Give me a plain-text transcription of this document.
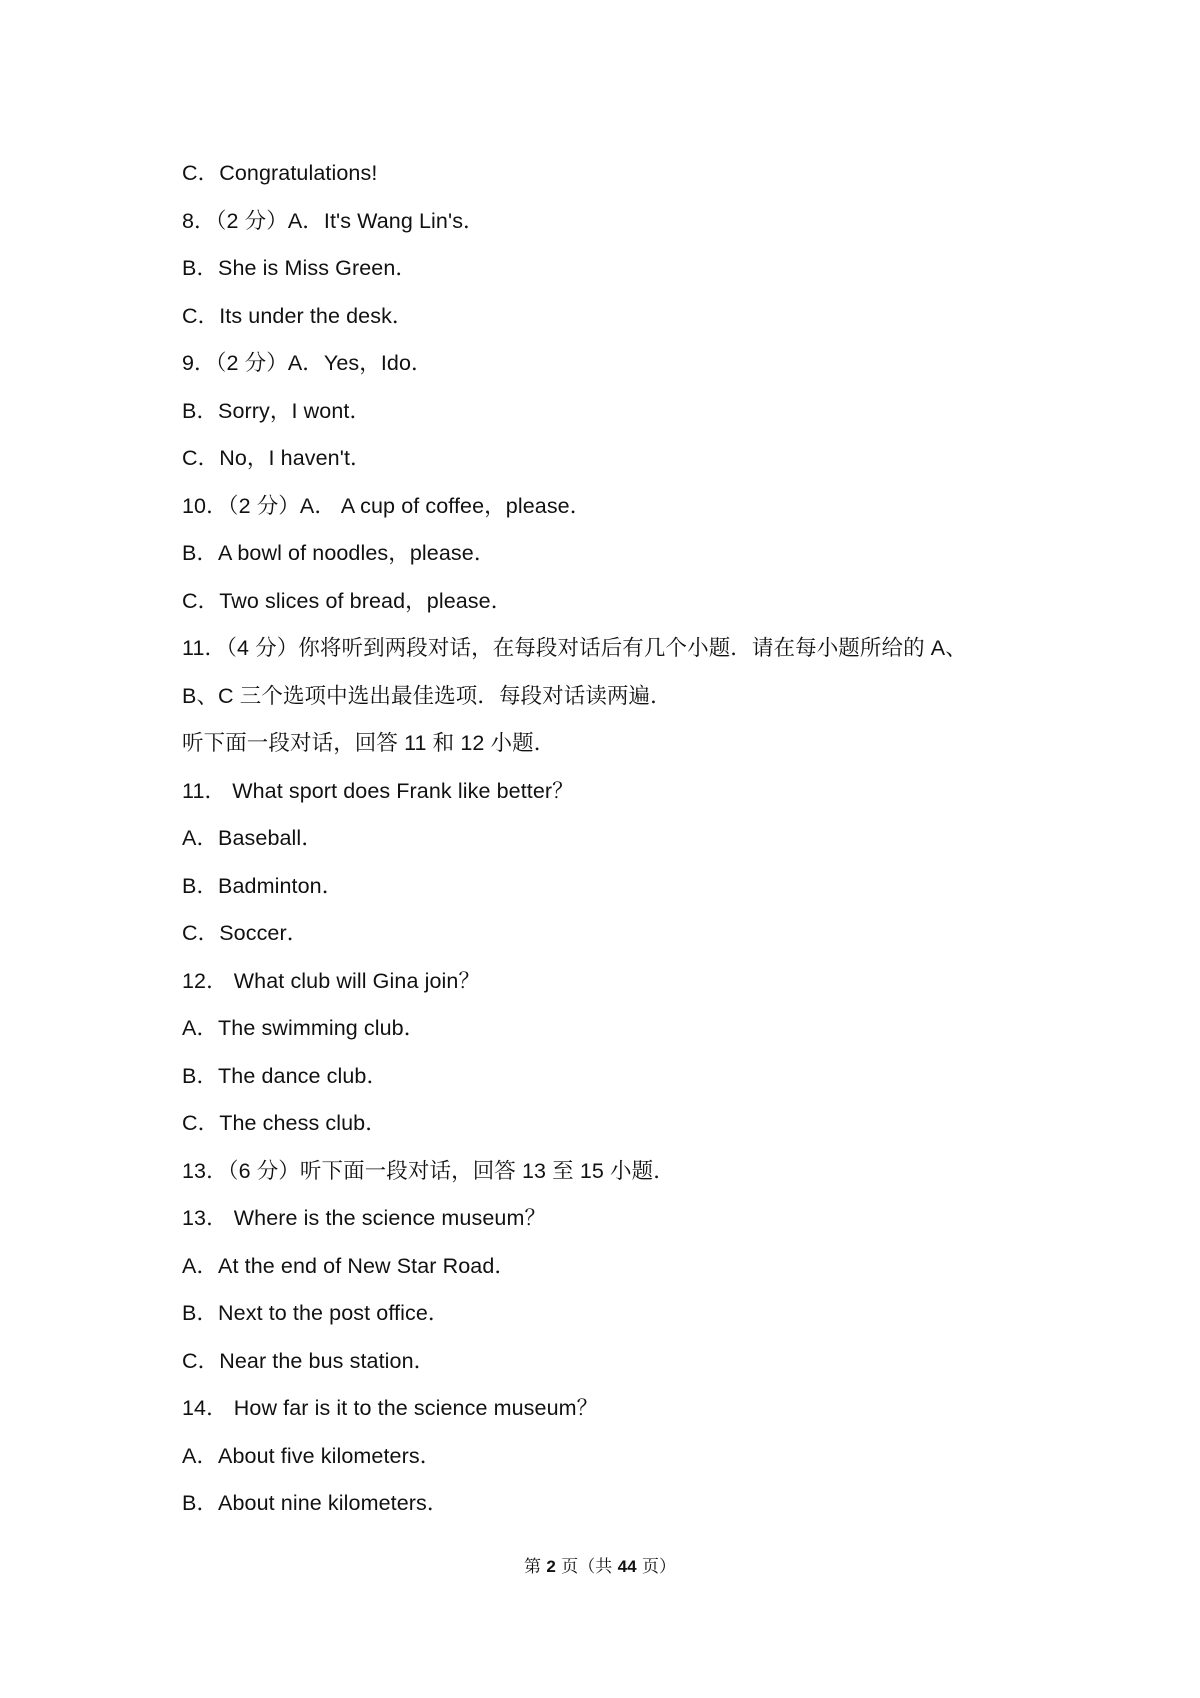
C．Congratulations!
8．（2 分）A．It's Wang Lin's．
B．She is Miss Green．
C．Its under the desk．
9．（2 分）A．Yes，Ido．
B．Sorry，I wont．
C．No，I haven't．
10．（2 分）A． A cup of coffee，please．
B．A bowl of noodles，please．
C．Two slices of bread，please．
11．（4 分）你将听到两段对话，在每段对话后有几个小题．请在每小题所给的 A、
B、C 三个选项中选出最佳选项．每段对话读两遍．
听下面一段对话，回答 11 和 12 小题．
11． What sport does Frank like better？
A．Baseball．
B．Badminton．
C．Soccer．
12． What club will Gina join？
A．The swimming club．
B．The dance club．
C．The chess club．
13．（6 分）听下面一段对话，回答 13 至 15 小题．
13． Where is the science museum？
A．At the end of New Star Road．
B．Next to the post office．
C．Near the bus station．
14． How far is it to the science museum？
A．About five kilometers．
B．About nine kilometers．
第 2 页（共 44 页）
